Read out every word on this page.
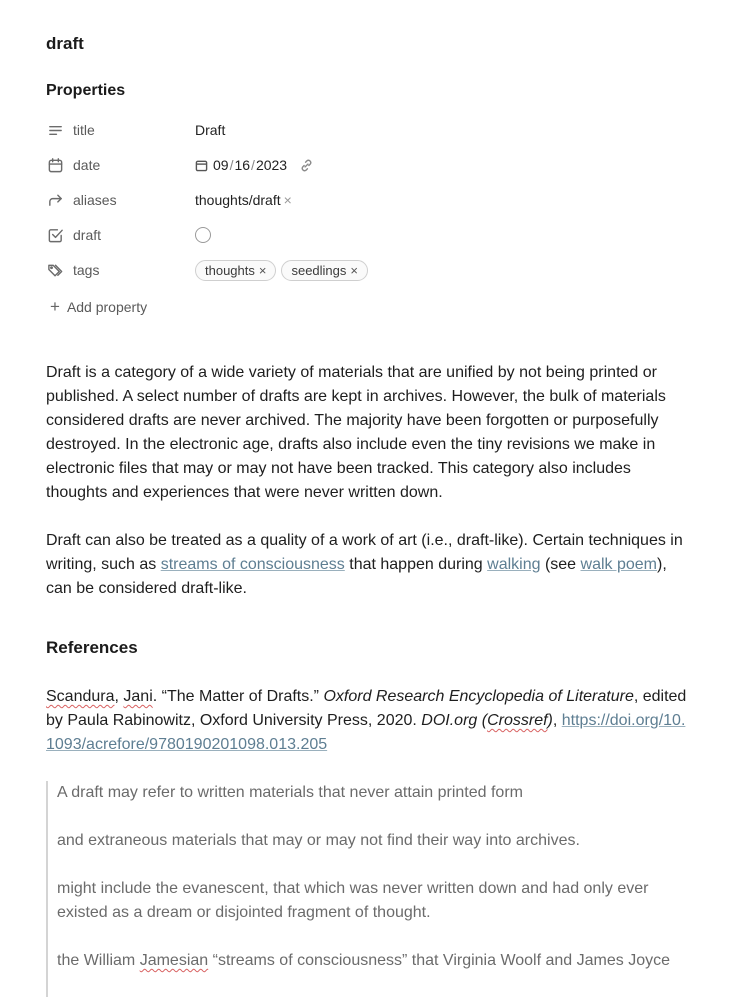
draft
Properties
title	Draft
date	09 / 16 / 2023
aliases	thoughts/draft ×
draft
tags	thoughts × seedlings ×
+ Add property
Draft is a category of a wide variety of materials that are unified by not being printed or published. A select number of drafts are kept in archives. However, the bulk of materials considered drafts are never archived. The majority have been forgotten or purposefully destroyed. In the electronic age, drafts also include even the tiny revisions we make in electronic files that may or may not have been tracked. This category also includes thoughts and experiences that were never written down.
Draft can also be treated as a quality of a work of art (i.e., draft-like). Certain techniques in writing, such as streams of consciousness that happen during walking (see walk poem), can be considered draft-like.
References
Scandura, Jani. “The Matter of Drafts.” Oxford Research Encyclopedia of Literature, edited by Paula Rabinowitz, Oxford University Press, 2020. DOI.org (Crossref), https://doi.org/10.1093/acrefore/9780190201098.013.205

A draft may refer to written materials that never attain printed form

and extraneous materials that may or may not find their way into archives.

might include the evanescent, that which was never written down and had only ever existed as a dream or disjointed fragment of thought.

the William Jamesian “streams of consciousness” that Virginia Woolf and James Joyce
